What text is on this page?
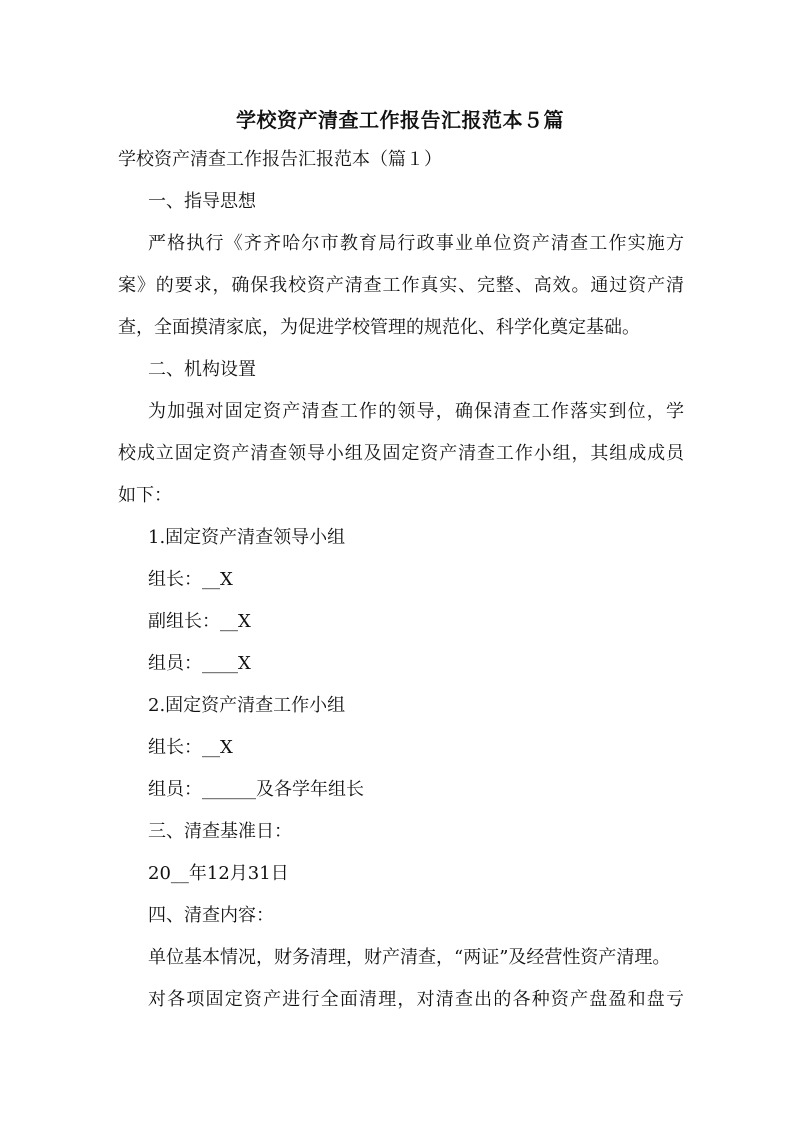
学校资产清查工作报告汇报范本５篇
学校资产清查工作报告汇报范本（篇１）
一、指导思想
严格执行《齐齐哈尔市教育局行政事业单位资产清查工作实施方
案》的要求，确保我校资产清查工作真实、完整、高效。通过资产清
查，全面摸清家底，为促进学校管理的规范化、科学化奠定基础。
二、机构设置
为加强对固定资产清查工作的领导，确保清查工作落实到位，学
校成立固定资产清查领导小组及固定资产清查工作小组，其组成成员
如下：
1.固定资产清查领导小组
组长：__X
副组长：__X
组员：____X
2.固定资产清查工作小组
组长：__X
组员：______及各学年组长
三、清查基准日：
20__年12月31日
四、清查内容：
单位基本情况，财务清理，财产清查，“两证”及经营性资产清理。
对各项固定资产进行全面清理，对清查出的各种资产盘盈和盘亏
